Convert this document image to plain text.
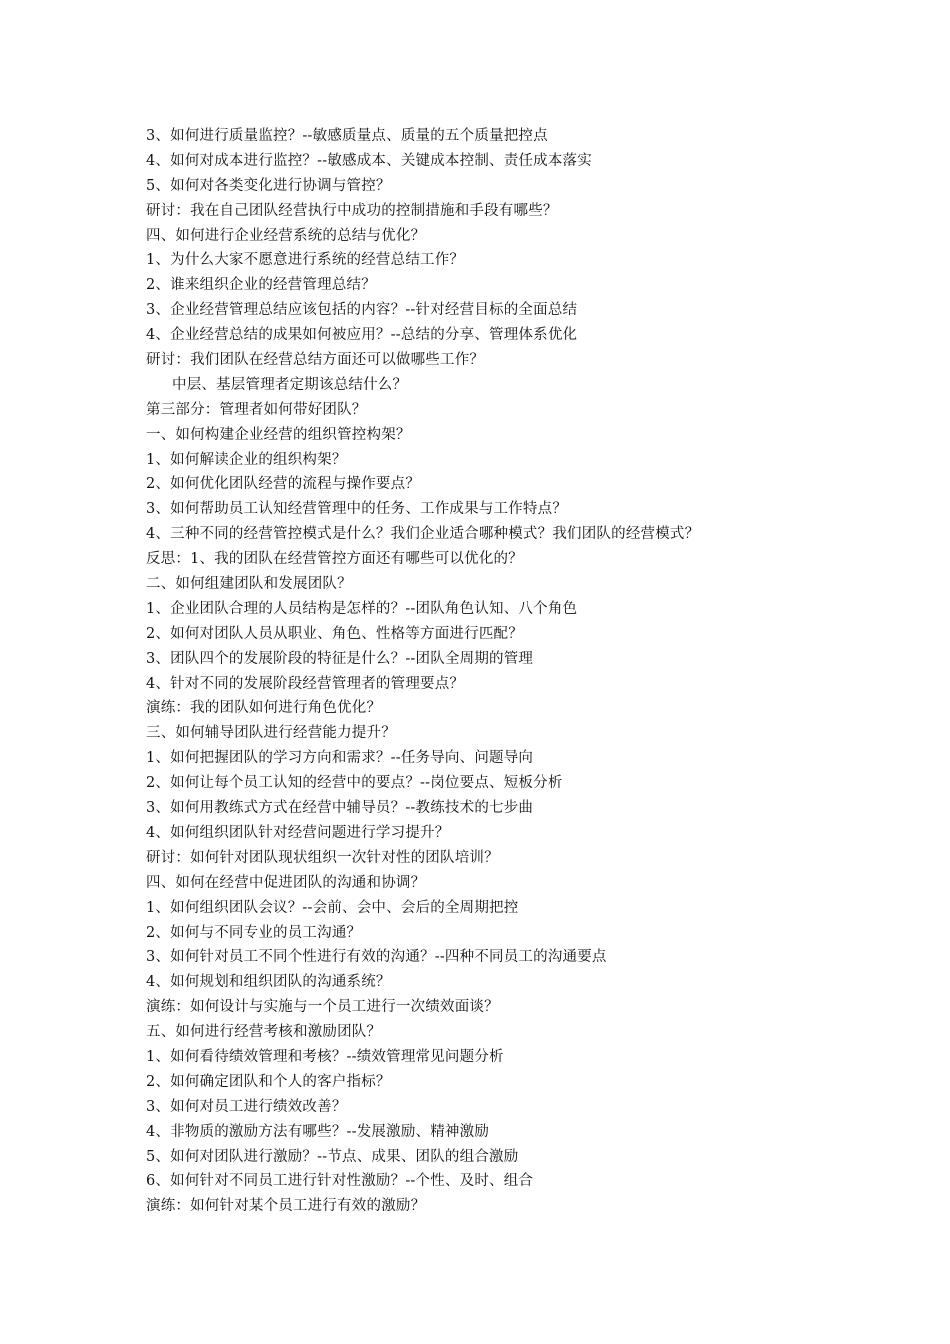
3、如何进行质量监控？--敏感质量点、质量的五个质量把控点
4、如何对成本进行监控？--敏感成本、关键成本控制、责任成本落实
5、如何对各类变化进行协调与管控？
研讨：我在自己团队经营执行中成功的控制措施和手段有哪些？
四、如何进行企业经营系统的总结与优化？
1、为什么大家不愿意进行系统的经营总结工作？
2、谁来组织企业的经营管理总结？
3、企业经营管理总结应该包括的内容？--针对经营目标的全面总结
4、企业经营总结的成果如何被应用？--总结的分享、管理体系优化
研讨：我们团队在经营总结方面还可以做哪些工作？
中层、基层管理者定期该总结什么？
第三部分：管理者如何带好团队？
一、如何构建企业经营的组织管控构架？
1、如何解读企业的组织构架？
2、如何优化团队经营的流程与操作要点？
3、如何帮助员工认知经营管理中的任务、工作成果与工作特点？
4、三种不同的经营管控模式是什么？我们企业适合哪种模式？我们团队的经营模式？
反思：1、我的团队在经营管控方面还有哪些可以优化的？
二、如何组建团队和发展团队？
1、企业团队合理的人员结构是怎样的？--团队角色认知、八个角色
2、如何对团队人员从职业、角色、性格等方面进行匹配？
3、团队四个的发展阶段的特征是什么？--团队全周期的管理
4、针对不同的发展阶段经营管理者的管理要点？
演练：我的团队如何进行角色优化？
三、如何辅导团队进行经营能力提升？
1、如何把握团队的学习方向和需求？--任务导向、问题导向
2、如何让每个员工认知的经营中的要点？--岗位要点、短板分析
3、如何用教练式方式在经营中辅导员？--教练技术的七步曲
4、如何组织团队针对经营问题进行学习提升？
研讨：如何针对团队现状组织一次针对性的团队培训？
四、如何在经营中促进团队的沟通和协调？
1、如何组织团队会议？--会前、会中、会后的全周期把控
2、如何与不同专业的员工沟通？
3、如何针对员工不同个性进行有效的沟通？--四种不同员工的沟通要点
4、如何规划和组织团队的沟通系统？
演练：如何设计与实施与一个员工进行一次绩效面谈？
五、如何进行经营考核和激励团队？
1、如何看待绩效管理和考核？--绩效管理常见问题分析
2、如何确定团队和个人的客户指标？
3、如何对员工进行绩效改善？
4、非物质的激励方法有哪些？--发展激励、精神激励
5、如何对团队进行激励？--节点、成果、团队的组合激励
6、如何针对不同员工进行针对性激励？--个性、及时、组合
演练：如何针对某个员工进行有效的激励？
